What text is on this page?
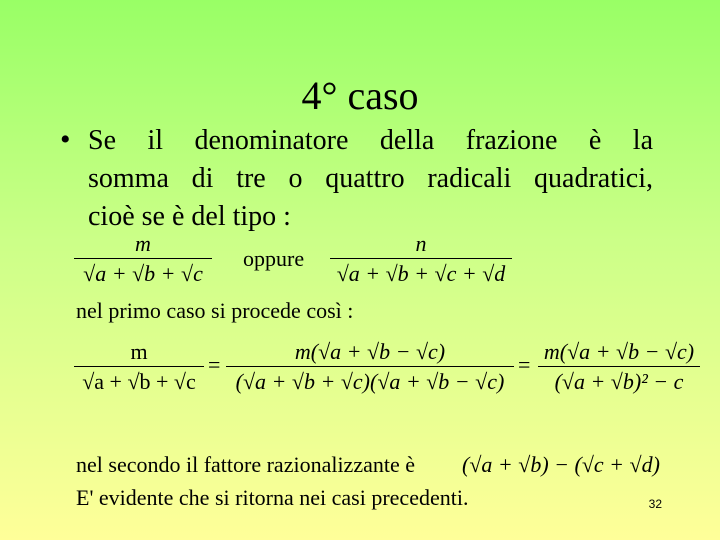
4° caso
• Se il denominatore della frazione è la
somma di tre o quattro radicali quadratici,
cioè se è del tipo :
m
√a + √b + √c
oppure
n
√a + √b + √c + √d
nel primo caso si procede così :
m
√a + √b + √c
=
m(√a + √b − √c)
(√a + √b + √c)(√a + √b − √c)
=
m(√a + √b − √c)
(√a + √b)² − c
nel secondo il fattore razionalizzante è (√a + √b) − (√c + √d)
E' evidente che si ritorna nei casi precedenti.	32
